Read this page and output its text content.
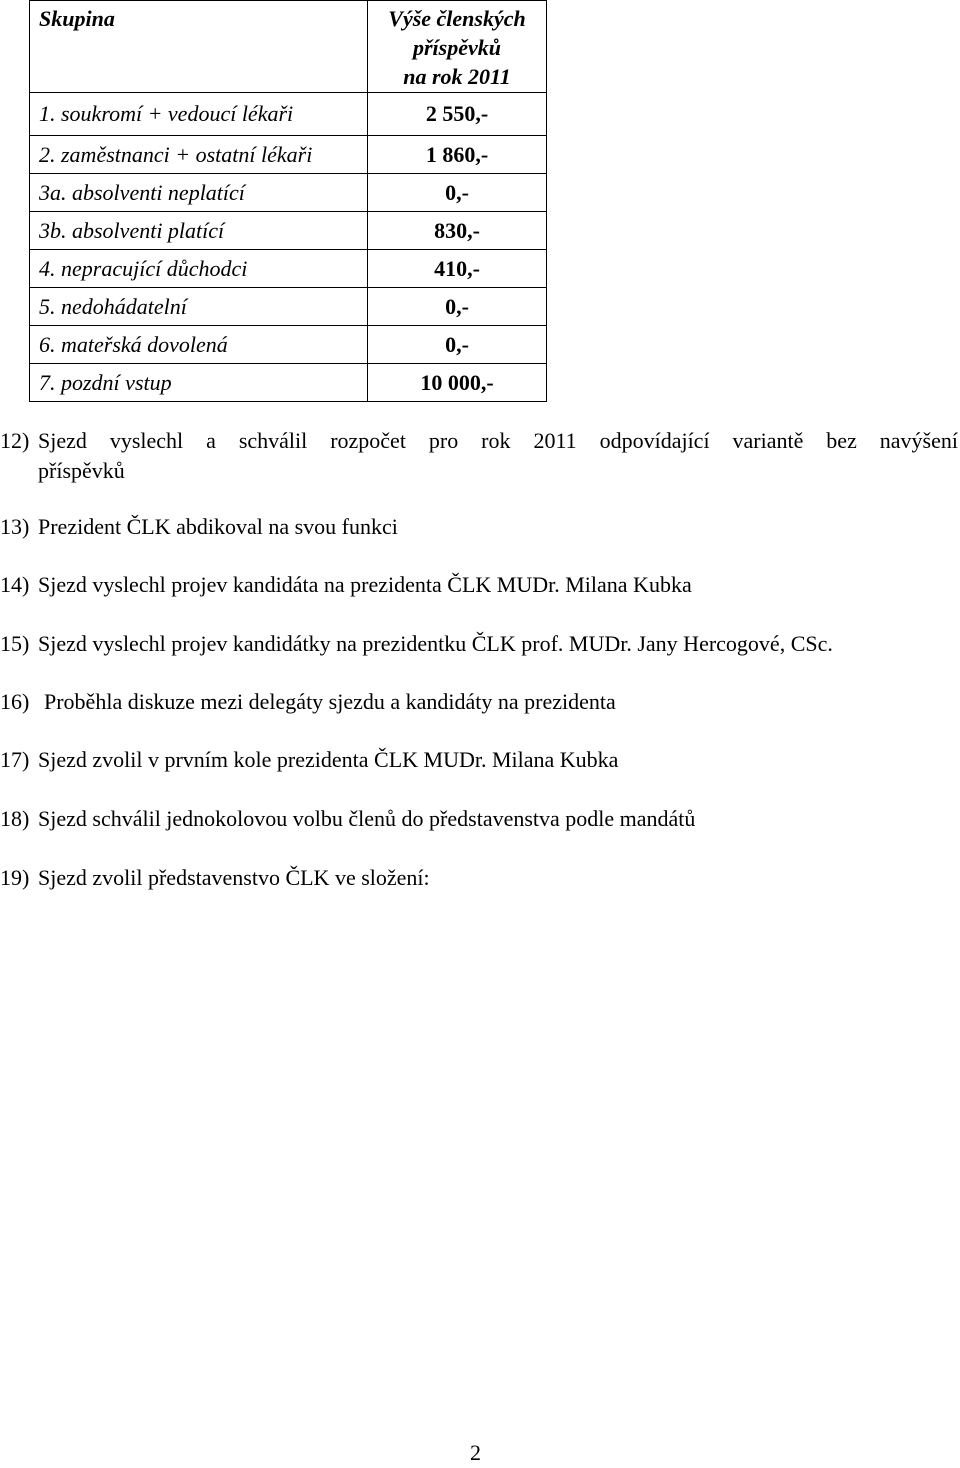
Skupina	Výše členských
příspěvků
na rok 2011

1. soukromí + vedoucí lékaři	2 550,-
2. zaměstnanci + ostatní lékaři	1 860,-
3a. absolventi neplatící	0,-
3b. absolventi platící	830,-
4. nepracující důchodci	410,-
5. nedohádatelní	0,-
6. mateřská dovolená	0,-
7. pozdní vstup	10 000,-
12) Sjezd vyslechl a schválil rozpočet pro rok 2011 odpovídající variantě bez navýšení
příspěvků
13) Prezident ČLK abdikoval na svou funkci
14) Sjezd vyslechl projev kandidáta na prezidenta ČLK MUDr. Milana Kubka
15) Sjezd vyslechl projev kandidátky na prezidentku ČLK prof. MUDr. Jany Hercogové, CSc.
16) Proběhla diskuze mezi delegáty sjezdu a kandidáty na prezidenta
17) Sjezd zvolil v prvním kole prezidenta ČLK MUDr. Milana Kubka
18) Sjezd schválil jednokolovou volbu členů do představenstva podle mandátů
19) Sjezd zvolil představenstvo ČLK ve složení:
2
